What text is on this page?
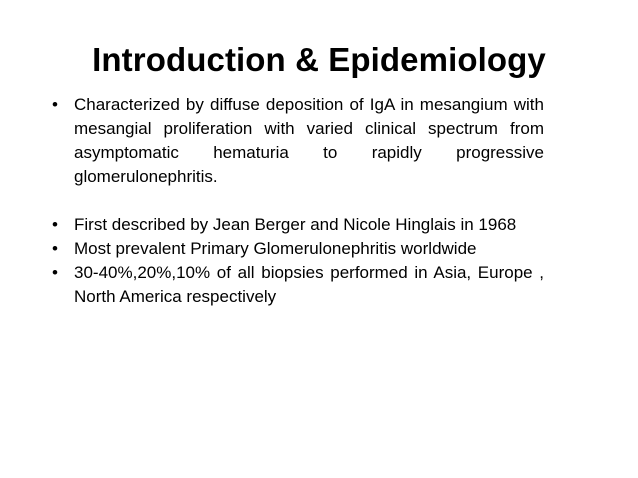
Introduction & Epidemiology
• Characterized by diffuse deposition of IgA in mesangium with mesangial proliferation with varied clinical spectrum from asymptomatic hematuria to rapidly progressive glomerulonephritis.
• First described by Jean Berger and Nicole Hinglais in 1968
• Most prevalent Primary Glomerulonephritis worldwide
• 30-40%,20%,10% of all biopsies performed in Asia, Europe , North America respectively
